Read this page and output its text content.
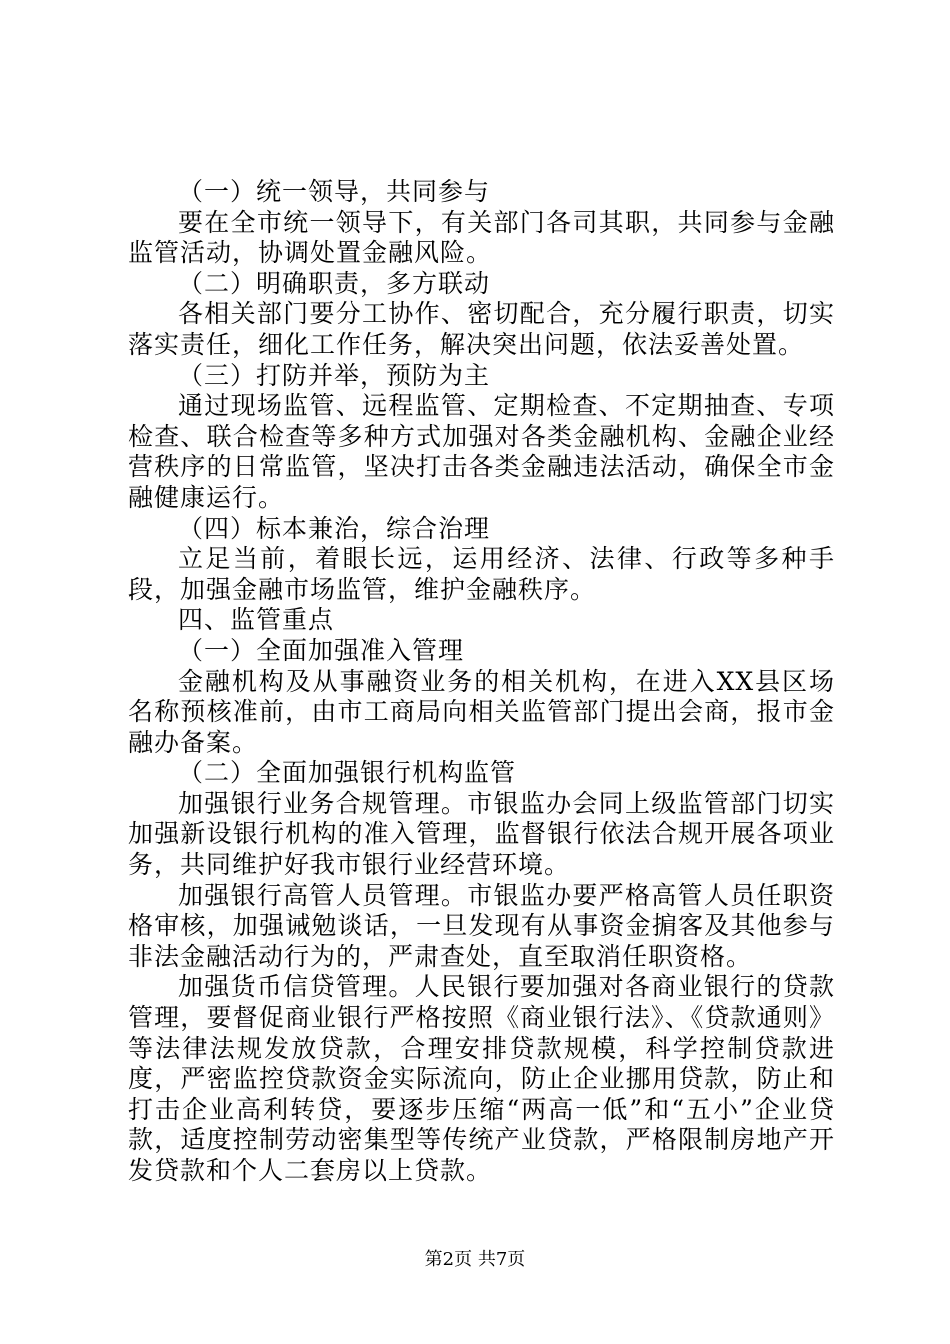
（一）统一领导，共同参与

要在全市统一领导下，有关部门各司其职，共同参与金融监管活动，协调处置金融风险。

（二）明确职责，多方联动

各相关部门要分工协作、密切配合，充分履行职责，切实落实责任，细化工作任务，解决突出问题，依法妥善处置。

（三）打防并举，预防为主

通过现场监管、远程监管、定期检查、不定期抽查、专项检查、联合检查等多种方式加强对各类金融机构、金融企业经营秩序的日常监管，坚决打击各类金融违法活动，确保全市金融健康运行。

（四）标本兼治，综合治理

立足当前，着眼长远，运用经济、法律、行政等多种手段，加强金融市场监管，维护金融秩序。

四、监管重点

（一）全面加强准入管理

金融机构及从事融资业务的相关机构，在进入XX县区场名称预核准前，由市工商局向相关监管部门提出会商，报市金融办备案。

（二）全面加强银行机构监管

加强银行业务合规管理。市银监办会同上级监管部门切实加强新设银行机构的准入管理，监督银行依法合规开展各项业务，共同维护好我市银行业经营环境。

加强银行高管人员管理。市银监办要严格高管人员任职资格审核，加强诫勉谈话，一旦发现有从事资金掮客及其他参与非法金融活动行为的，严肃查处，直至取消任职资格。

加强货币信贷管理。人民银行要加强对各商业银行的贷款管理，要督促商业银行严格按照《商业银行法》、《贷款通则》等法律法规发放贷款，合理安排贷款规模，科学控制贷款进度，严密监控贷款资金实际流向，防止企业挪用贷款，防止和打击企业高利转贷，要逐步压缩“两高一低”和“五小”企业贷款，适度控制劳动密集型等传统产业贷款，严格限制房地产开发贷款和个人二套房以上贷款。

第2页 共7页
